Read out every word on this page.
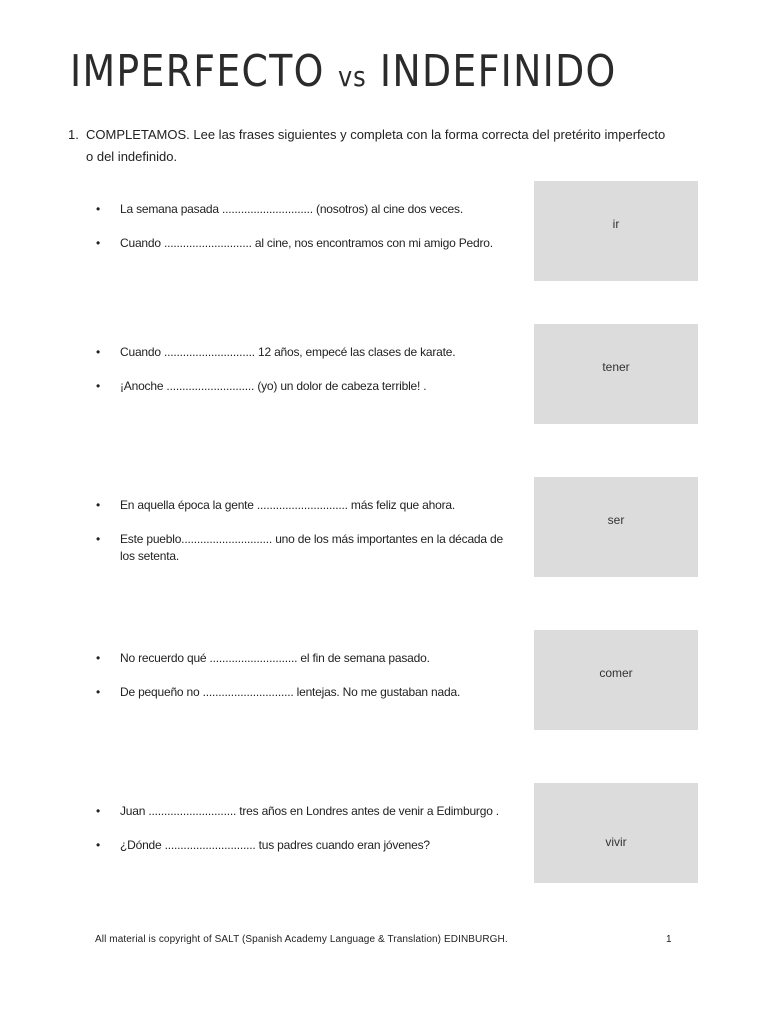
IMPERFECTO vs INDEFINIDO
1. COMPLETAMOS. Lee las frases siguientes y completa con la forma correcta del pretérito imperfecto
o del indefinido.
• La semana pasada ............................. (nosotros) al cine dos veces.
• Cuando ............................ al cine, nos encontramos con mi amigo Pedro.
ir
• Cuando ............................. 12 años, empecé las clases de karate.
• ¡Anoche ............................ (yo) un dolor de cabeza terrible! .
tener
• En aquella época la gente ............................. más feliz que ahora.
• Este pueblo............................. uno de los más importantes en la década de los setenta.
ser
• No recuerdo qué ............................ el fin de semana pasado.
• De pequeño no ............................. lentejas. No me gustaban nada.
comer
• Juan ............................ tres años en Londres antes de venir a Edimburgo .
• ¿Dónde ............................. tus padres cuando eran jóvenes?	vivir
All material is copyright of SALT (Spanish Academy Language & Translation) EDINBURGH.	1
